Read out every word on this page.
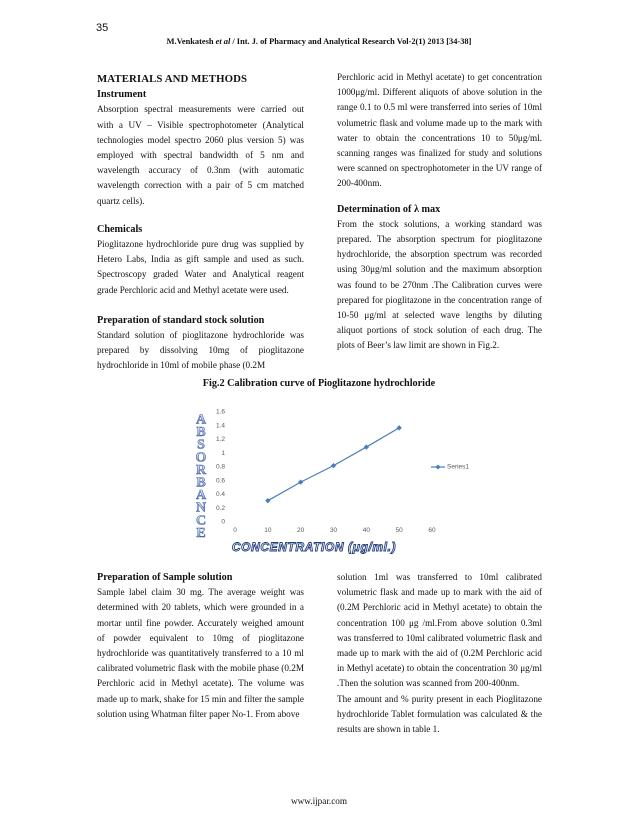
35
M.Venkatesh et al / Int. J. of Pharmacy and Analytical Research Vol-2(1) 2013 [34-38]
MATERIALS AND METHODS
Instrument

Absorption spectral measurements were carried out with a UV – Visible spectrophotometer (Analytical technologies model spectro 2060 plus version 5) was employed with spectral bandwidth of 5 nm and wavelength accuracy of 0.3nm (with automatic wavelength correction with a pair of 5 cm matched quartz cells).

Chemicals

Pioglitazone hydrochloride pure drug was supplied by Hetero Labs, India as gift sample and used as such. Spectroscopy graded Water and Analytical reagent grade Perchloric acid and Methyl acetate were used.

Preparation of standard stock solution

Standard solution of pioglitazone hydrochloride was prepared by dissolving 10mg of pioglitazone hydrochloride in 10ml of mobile phase (0.2M

Perchloric acid in Methyl acetate) to get concentration 1000μg/ml. Different aliquots of above solution in the range 0.1 to 0.5 ml were transferred into series of 10ml volumetric flask and volume made up to the mark with water to obtain the concentrations 10 to 50μg/ml. scanning ranges was finalized for study and solutions were scanned on spectrophotometer in the UV range of 200-400nm.

Determination of λ max

From the stock solutions, a working standard was prepared. The absorption spectrum for pioglitazone hydrochloride, the absorption spectrum was recorded using 30μg/ml solution and the maximum absorption was found to be 270nm .The Calibration curves were prepared for pioglitazone in the concentration range of 10-50 μg/ml at selected wave lengths by diluting aliquot portions of stock solution of each drug. The plots of Beer’s law limit are shown in Fig.2.

Fig.2 Calibration curve of Pioglitazone hydrochloride
A
B
S
O
R
B
A
N
C
E
0
0.2
0.4
0.6
0.8
1
1.2
1.4
1.6
0	10	20	30	40	50	60
Series1
CONCENTRATION (μg/ml.)
Preparation of Sample solution

Sample label claim 30 mg. The average weight was determined with 20 tablets, which were grounded in a mortar until fine powder. Accurately weighed amount of powder equivalent to 10mg of pioglitazone hydrochloride was quantitatively transferred to a 10 ml calibrated volumetric flask with the mobile phase (0.2M Perchloric acid in Methyl acetate). The volume was made up to mark, shake for 15 min and filter the sample solution using Whatman filter paper No-1. From above

solution 1ml was transferred to 10ml calibrated volumetric flask and made up to mark with the aid of (0.2M Perchloric acid in Methyl acetate) to obtain the concentration 100 μg /ml.From above solution 0.3ml was transferred to 10ml calibrated volumetric flask and made up to mark with the aid of (0.2M Perchloric acid in Methyl acetate) to obtain the concentration 30 μg/ml .Then the solution was scanned from 200-400nm.

The amount and % purity present in each Pioglitazone hydrochloride Tablet formulation was calculated & the results are shown in table 1.

www.ijpar.com
